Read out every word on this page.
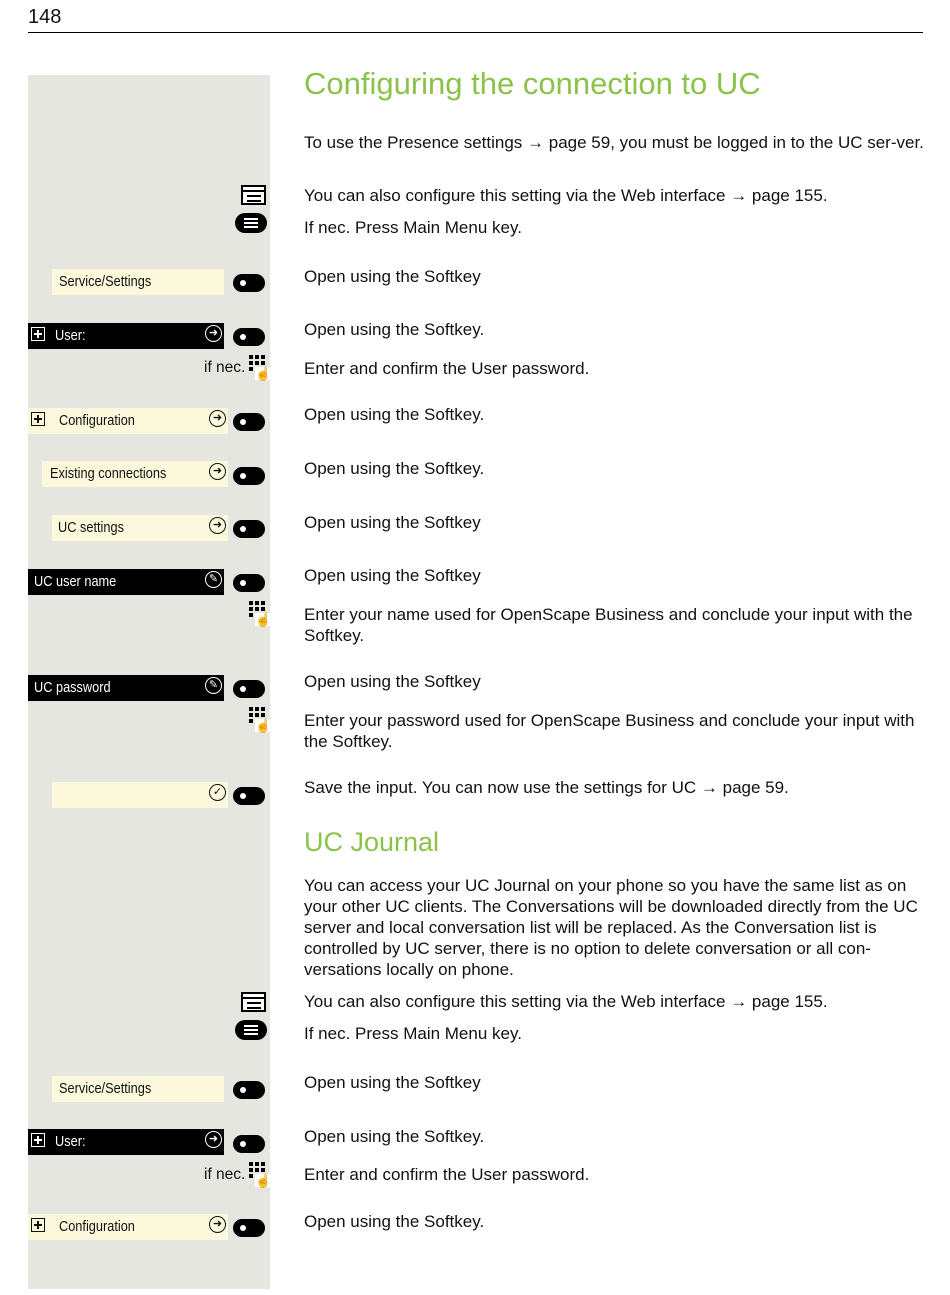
148
Configuring the connection to UC
To use the Presence settings → page 59, you must be logged in to the UC ser-ver.
You can also configure this setting via the Web interface → page 155.
If nec. Press Main Menu key.
Service/Settings	Open using the Softkey
User:	➜	Open using the Softkey.
if nec. ☝ Enter and confirm the User password.
Configuration	➜	Open using the Softkey.
Existing connections	➜	Open using the Softkey.
UC settings	➜	Open using the Softkey
UC user name	✎	Open using the Softkey
☝ Enter your name used for OpenScape Business and conclude your input with the Softkey.
UC password	✎	Open using the Softkey
☝ Enter your password used for OpenScape Business and conclude your input with the Softkey.
✓	Save the input. You can now use the settings for UC → page 59.
UC Journal
You can access your UC Journal on your phone so you have the same list as on your other UC clients. The Conversations will be downloaded directly from the UC server and local conversation list will be replaced. As the Conversation list is controlled by UC server, there is no option to delete conversation or all con-versations locally on phone.
You can also configure this setting via the Web interface → page 155.
If nec. Press Main Menu key.
Service/Settings	Open using the Softkey
User:	➜	Open using the Softkey.
if nec. ☝ Enter and confirm the User password.
Configuration	➜	Open using the Softkey.
